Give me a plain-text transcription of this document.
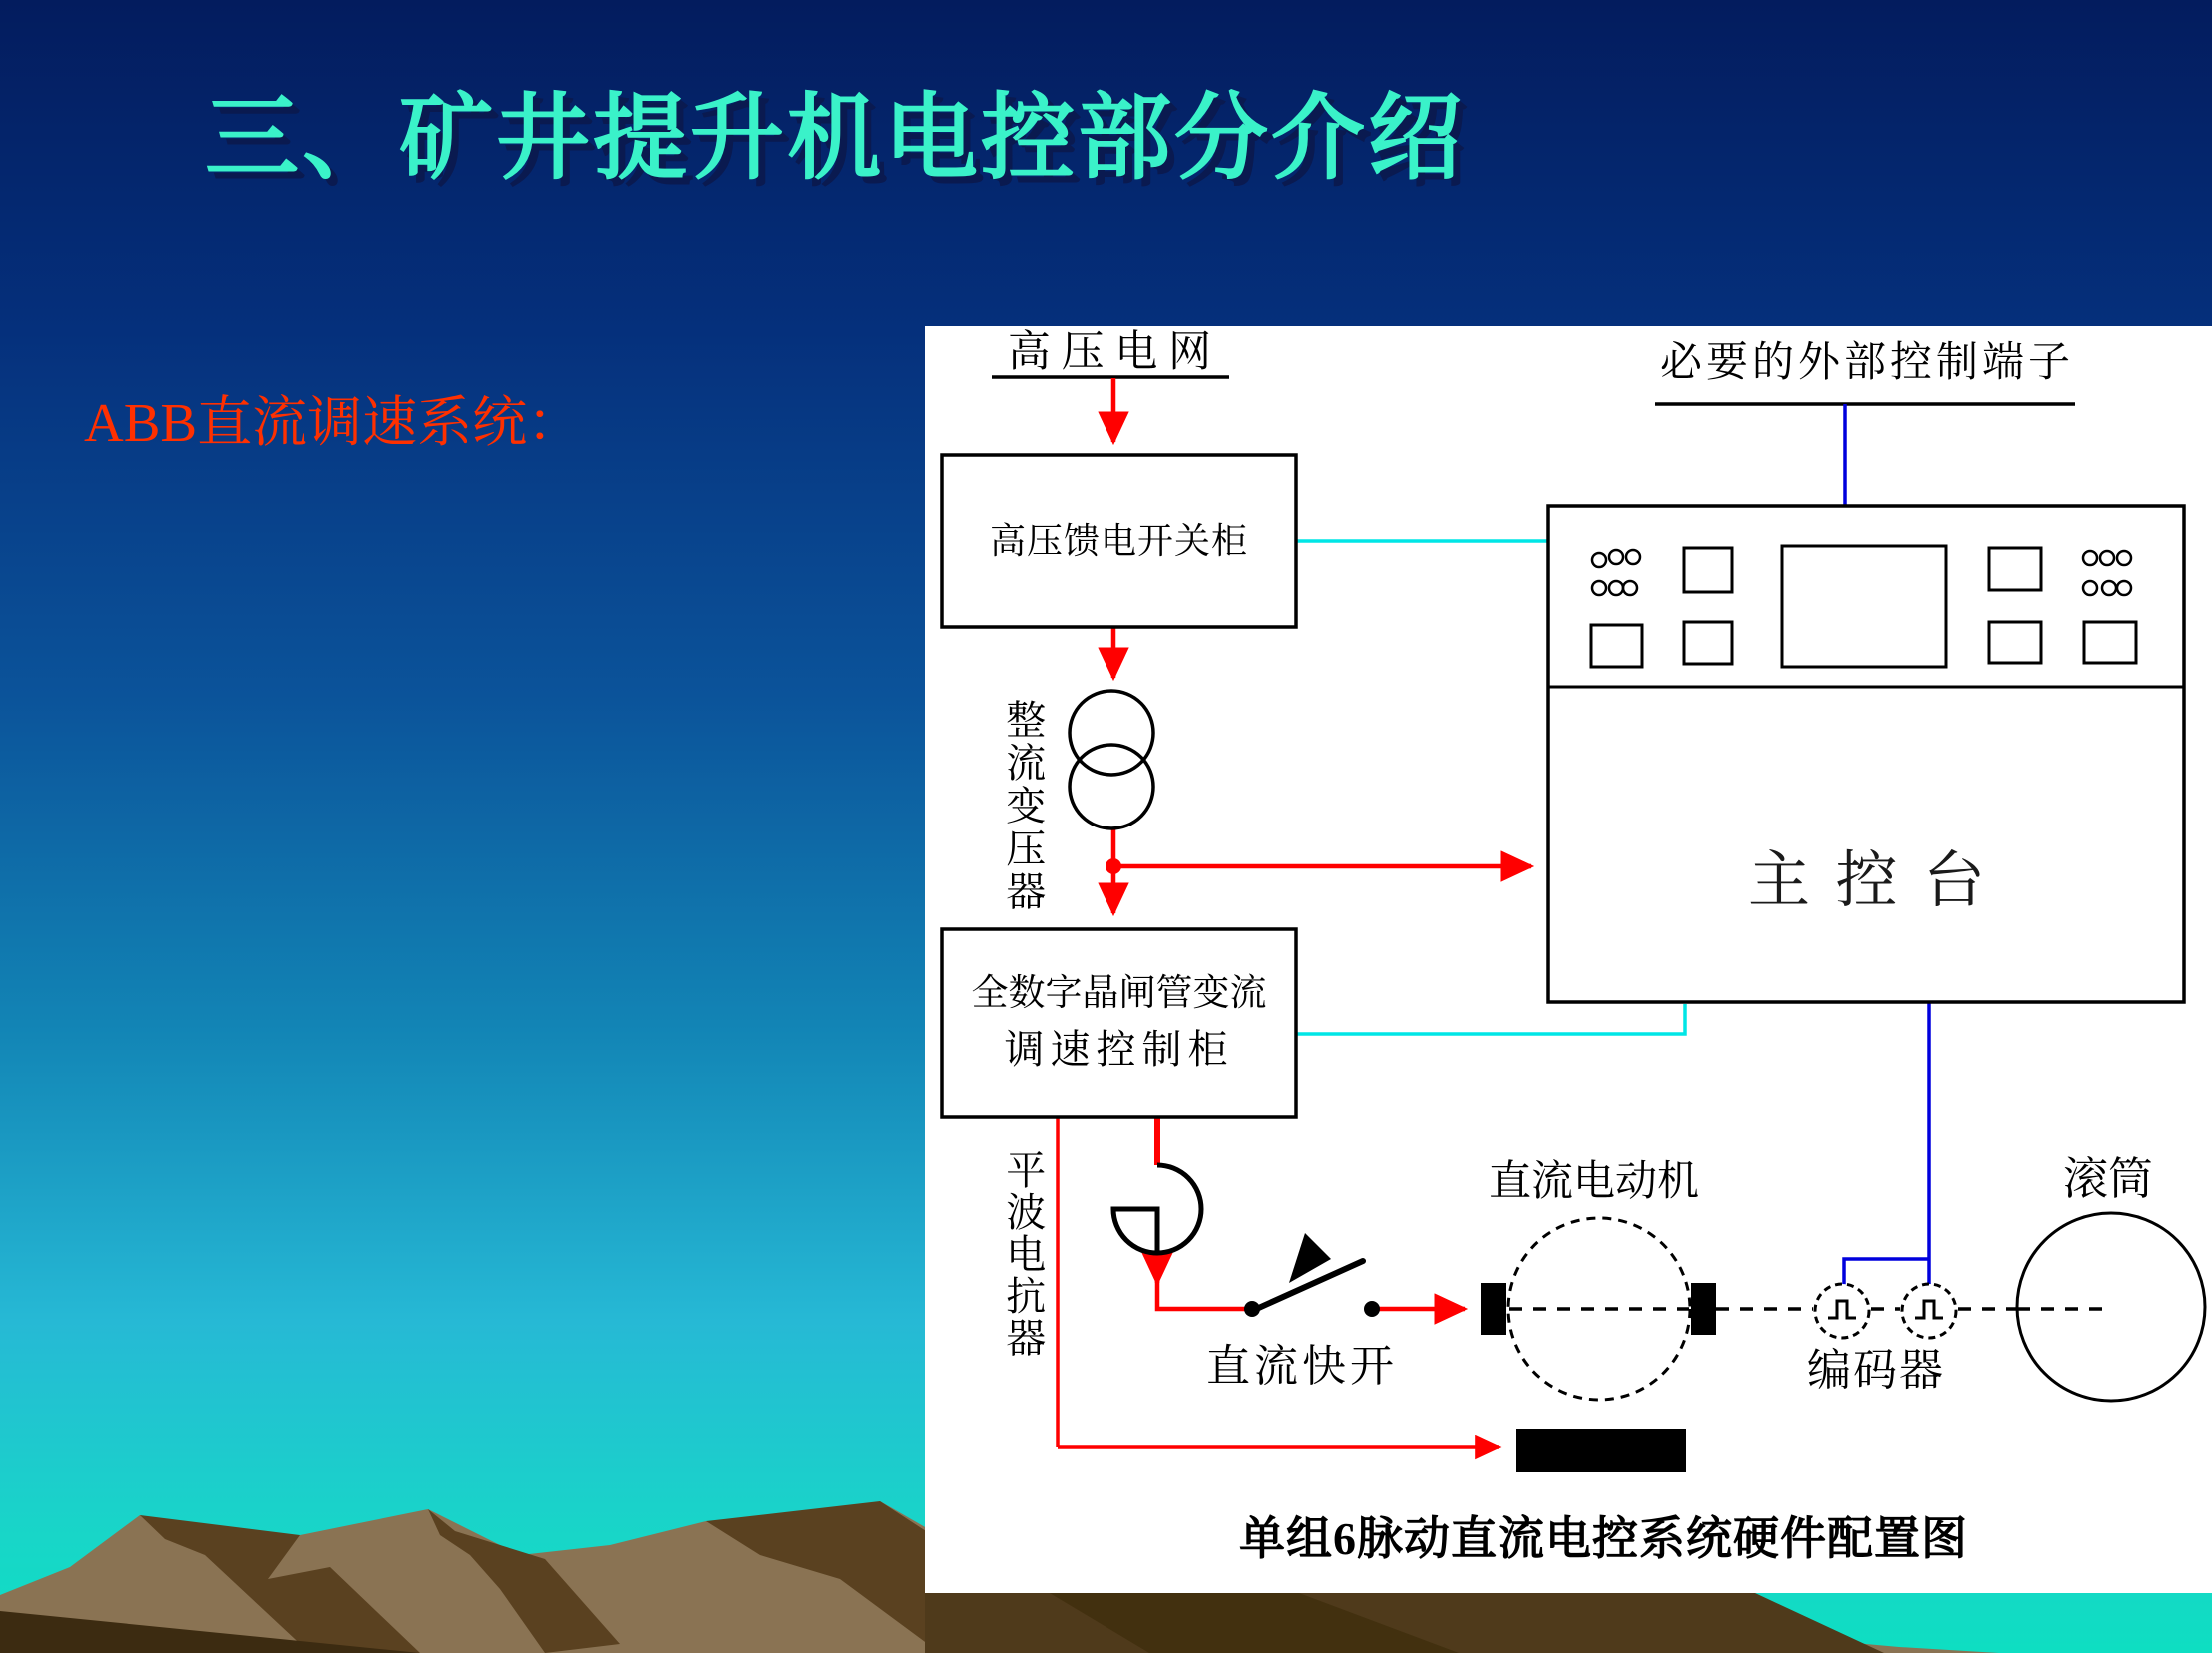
三、矿井提升机电控部分介绍
ABB直流调速系统：
高 压 电 网	必要的外部控制端子
高压馈电开关柜
整流变压器
全数字晶闸管变流
调速控制柜
主 控 台
平波电抗器
直流快开
直流电动机
编码器
滚筒
单组6脉动直流电控系统硬件配置图
